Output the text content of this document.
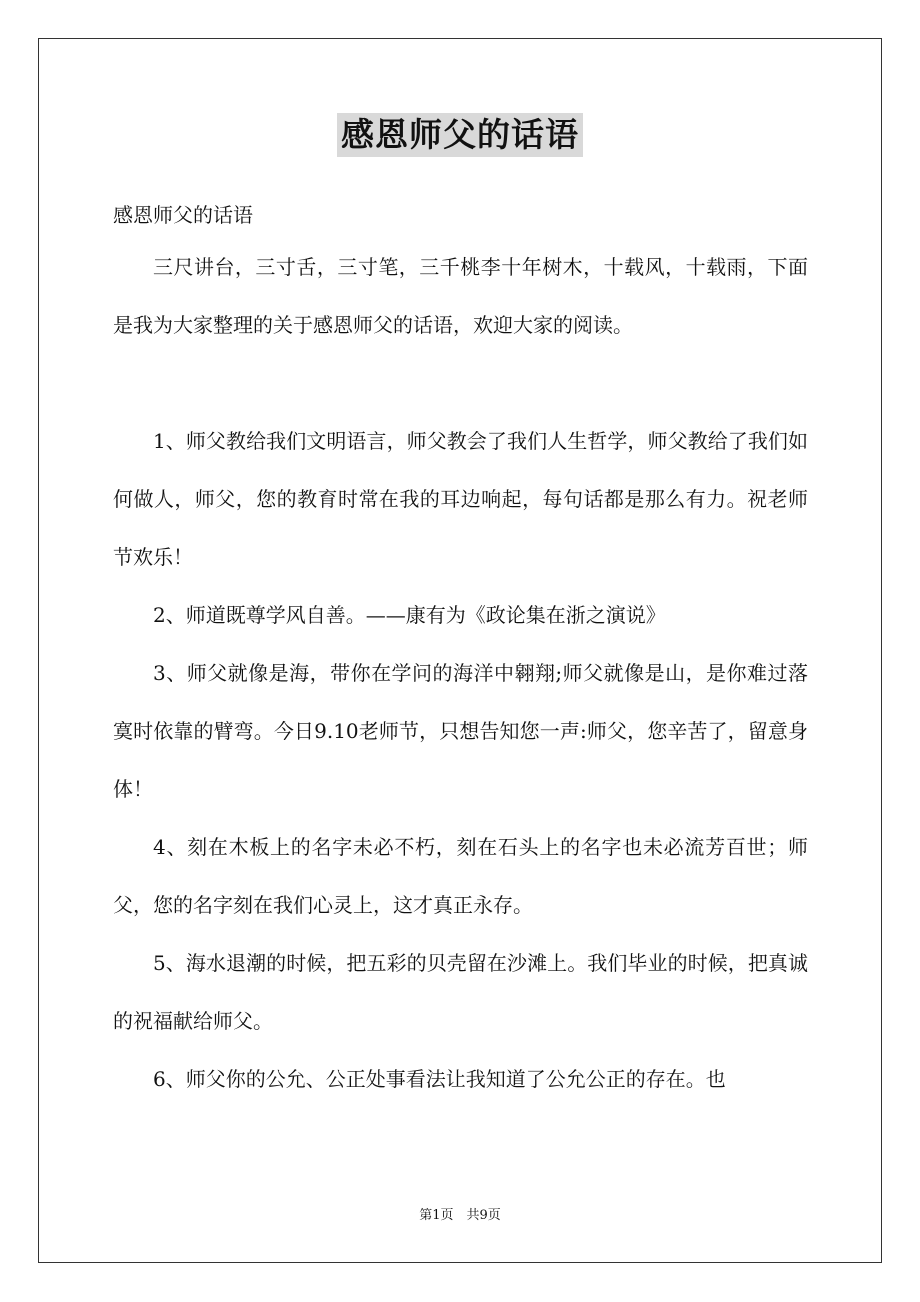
感恩师父的话语
感恩师父的话语

三尺讲台，三寸舌，三寸笔，三千桃李十年树木，十载风，十载雨，下面是我为大家整理的关于感恩师父的话语，欢迎大家的阅读。

1、师父教给我们文明语言，师父教会了我们人生哲学，师父教给了我们如何做人，师父，您的教育时常在我的耳边响起，每句话都是那么有力。祝老师节欢乐！

2、师道既尊学风自善。——康有为《政论集在浙之演说》

3、师父就像是海，带你在学问的海洋中翱翔;师父就像是山，是你难过落寞时依靠的臂弯。今日9.10老师节，只想告知您一声:师父，您辛苦了，留意身体！

4、刻在木板上的名字未必不朽，刻在石头上的名字也未必流芳百世；师父，您的名字刻在我们心灵上，这才真正永存。

5、海水退潮的时候，把五彩的贝壳留在沙滩上。我们毕业的时候，把真诚的祝福献给师父。

6、师父你的公允、公正处事看法让我知道了公允公正的存在。也

第1页　共9页
